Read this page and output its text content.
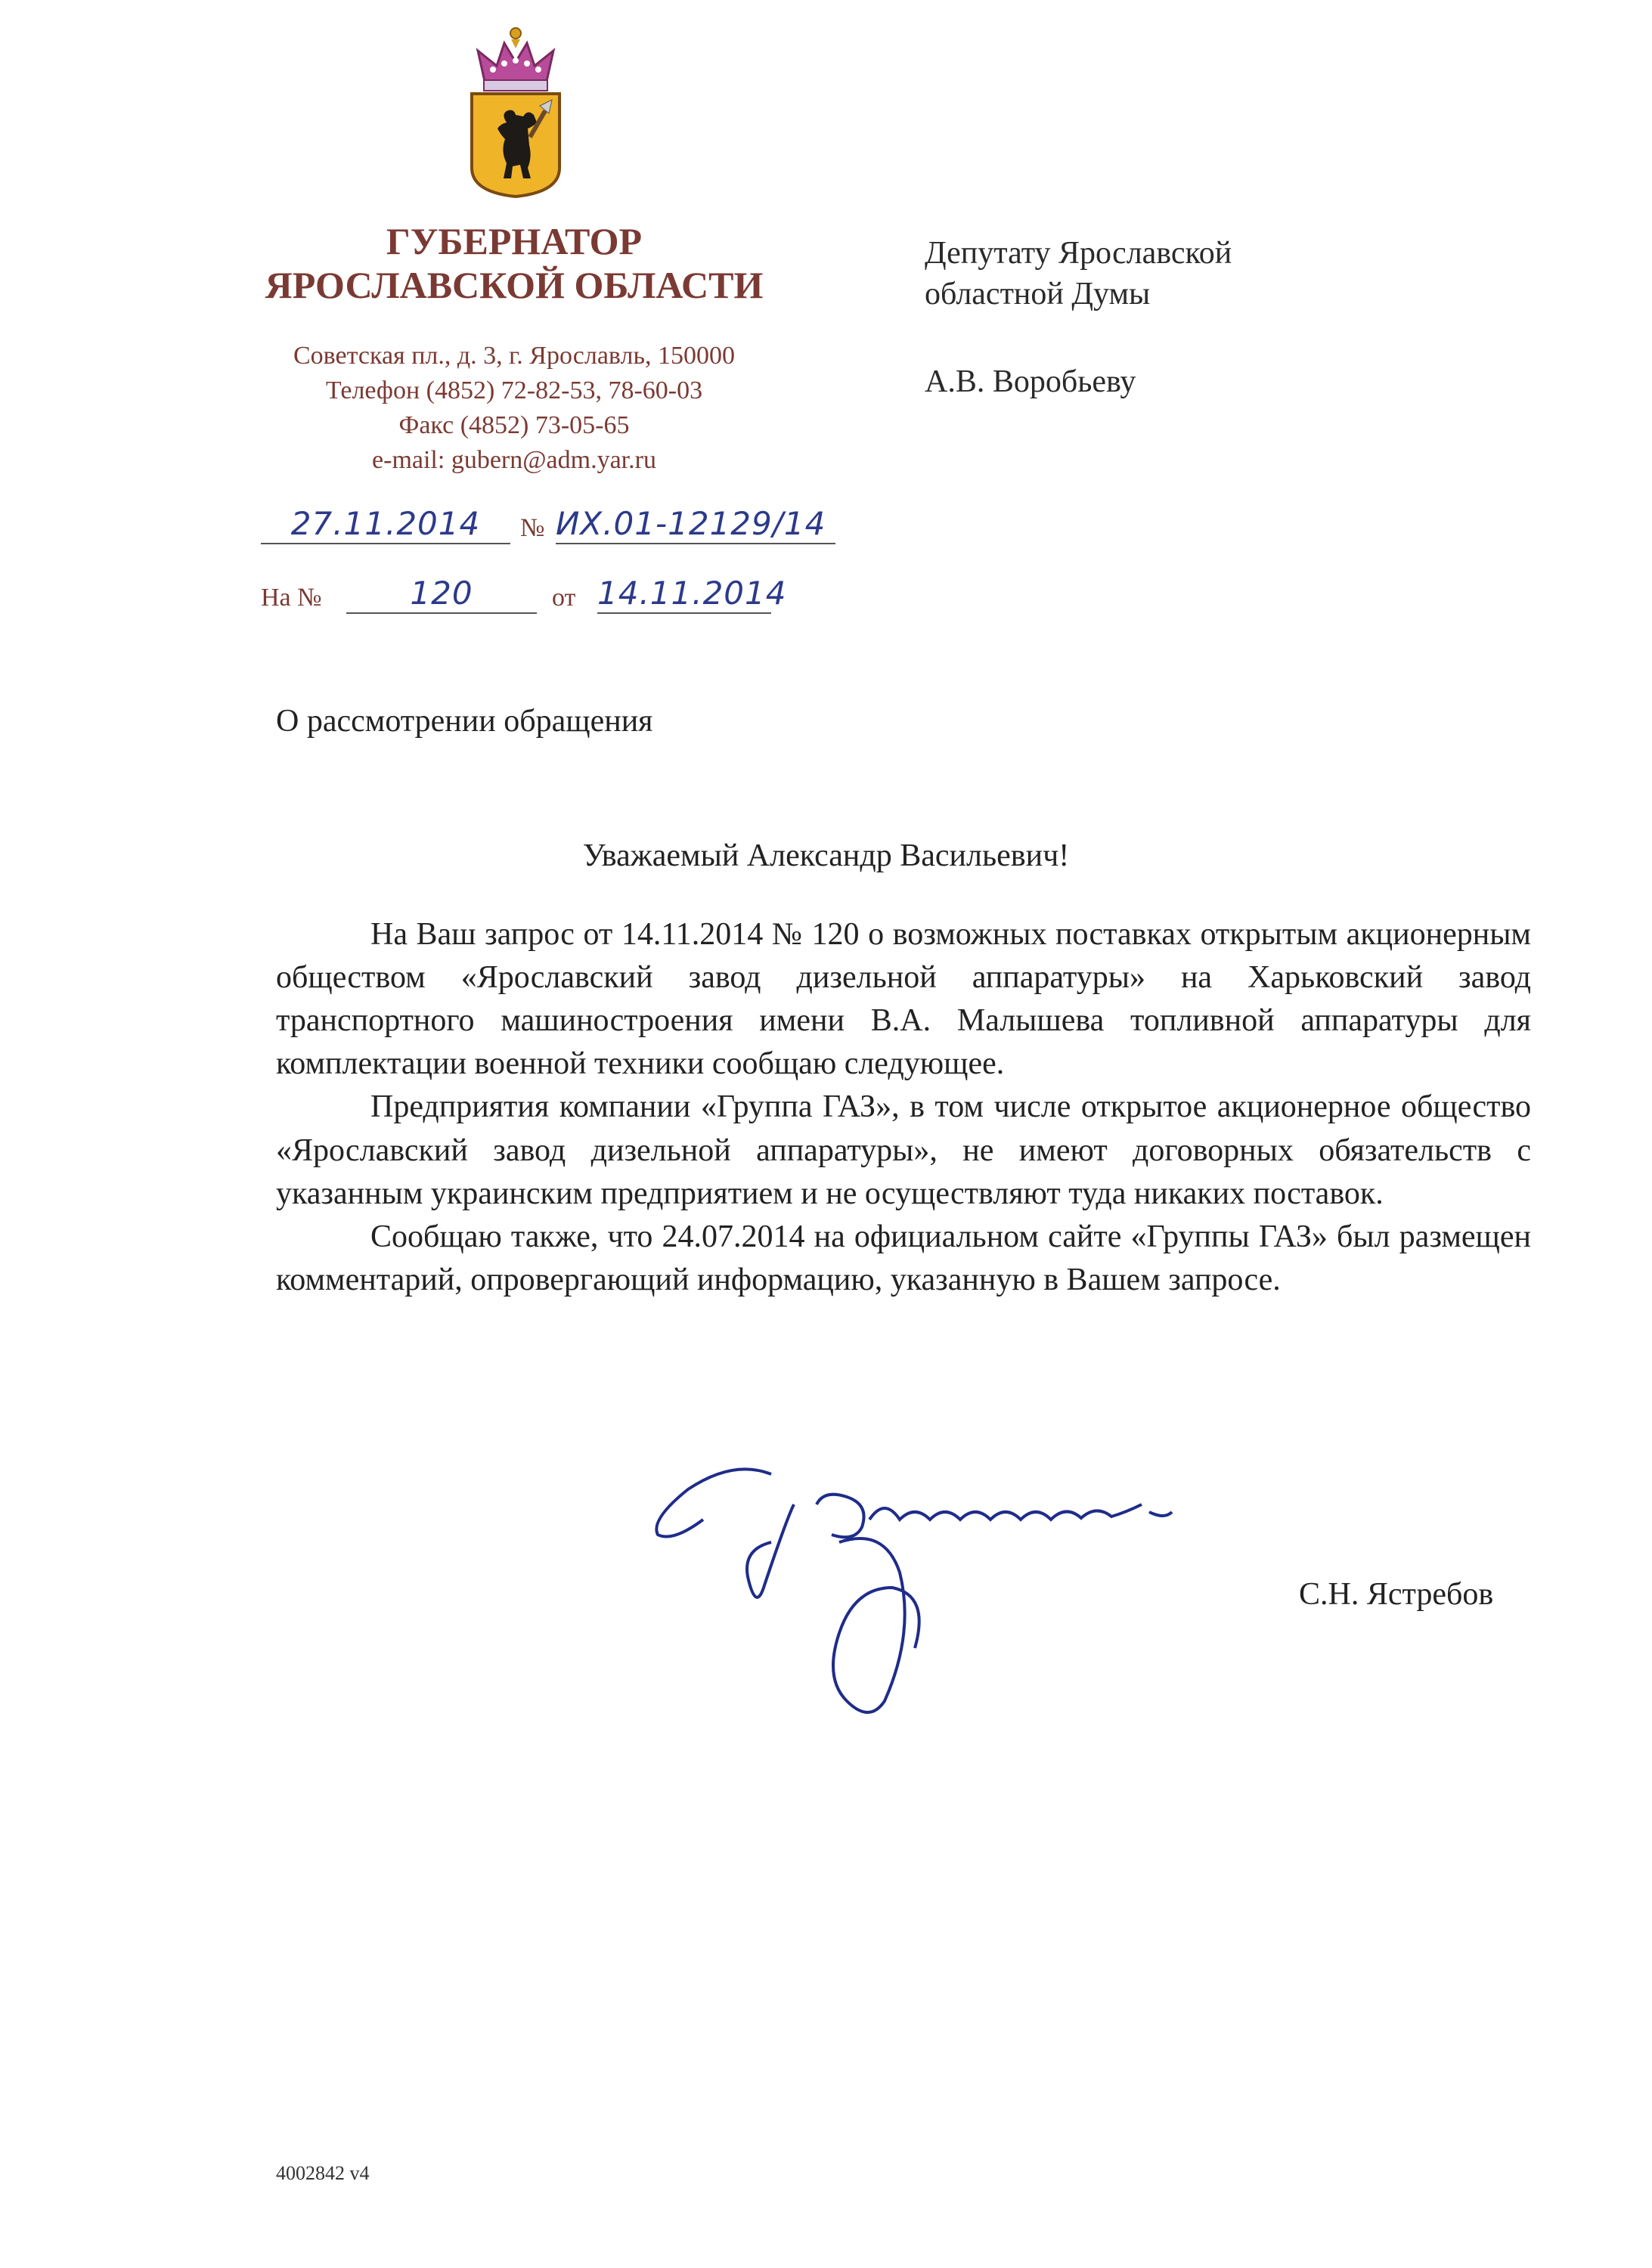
ГУБЕРНАТОР
ЯРОСЛАВСКОЙ ОБЛАСТИ
Советская пл., д. 3, г. Ярославль, 150000
Телефон (4852) 72-82-53, 78-60-03
Факс (4852) 73-05-65
e-mail: gubern@adm.yar.ru
Депутату Ярославской
областной Думы
А.В. Воробьеву
27.11.2014	№ ИХ.01-12129/14
На №	120	от 14.11.2014
О рассмотрении обращения
Уважаемый Александр Васильевич!

На Ваш запрос от 14.11.2014 № 120 о возможных поставках открытым акционерным обществом «Ярославский завод дизельной аппаратуры» на Харьковский завод транспортного машиностроения имени В.А. Малышева топливной аппаратуры для комплектации военной техники сообщаю следующее.

Предприятия компании «Группа ГАЗ», в том числе открытое акционерное общество «Ярославский завод дизельной аппаратуры», не имеют договорных обязательств с указанным украинским предприятием и не осуществляют туда никаких поставок.

Сообщаю также, что 24.07.2014 на официальном сайте «Группы ГАЗ» был размещен комментарий, опровергающий информацию, указанную в Вашем запросе.

С.Н. Ястребов
4002842 v4
